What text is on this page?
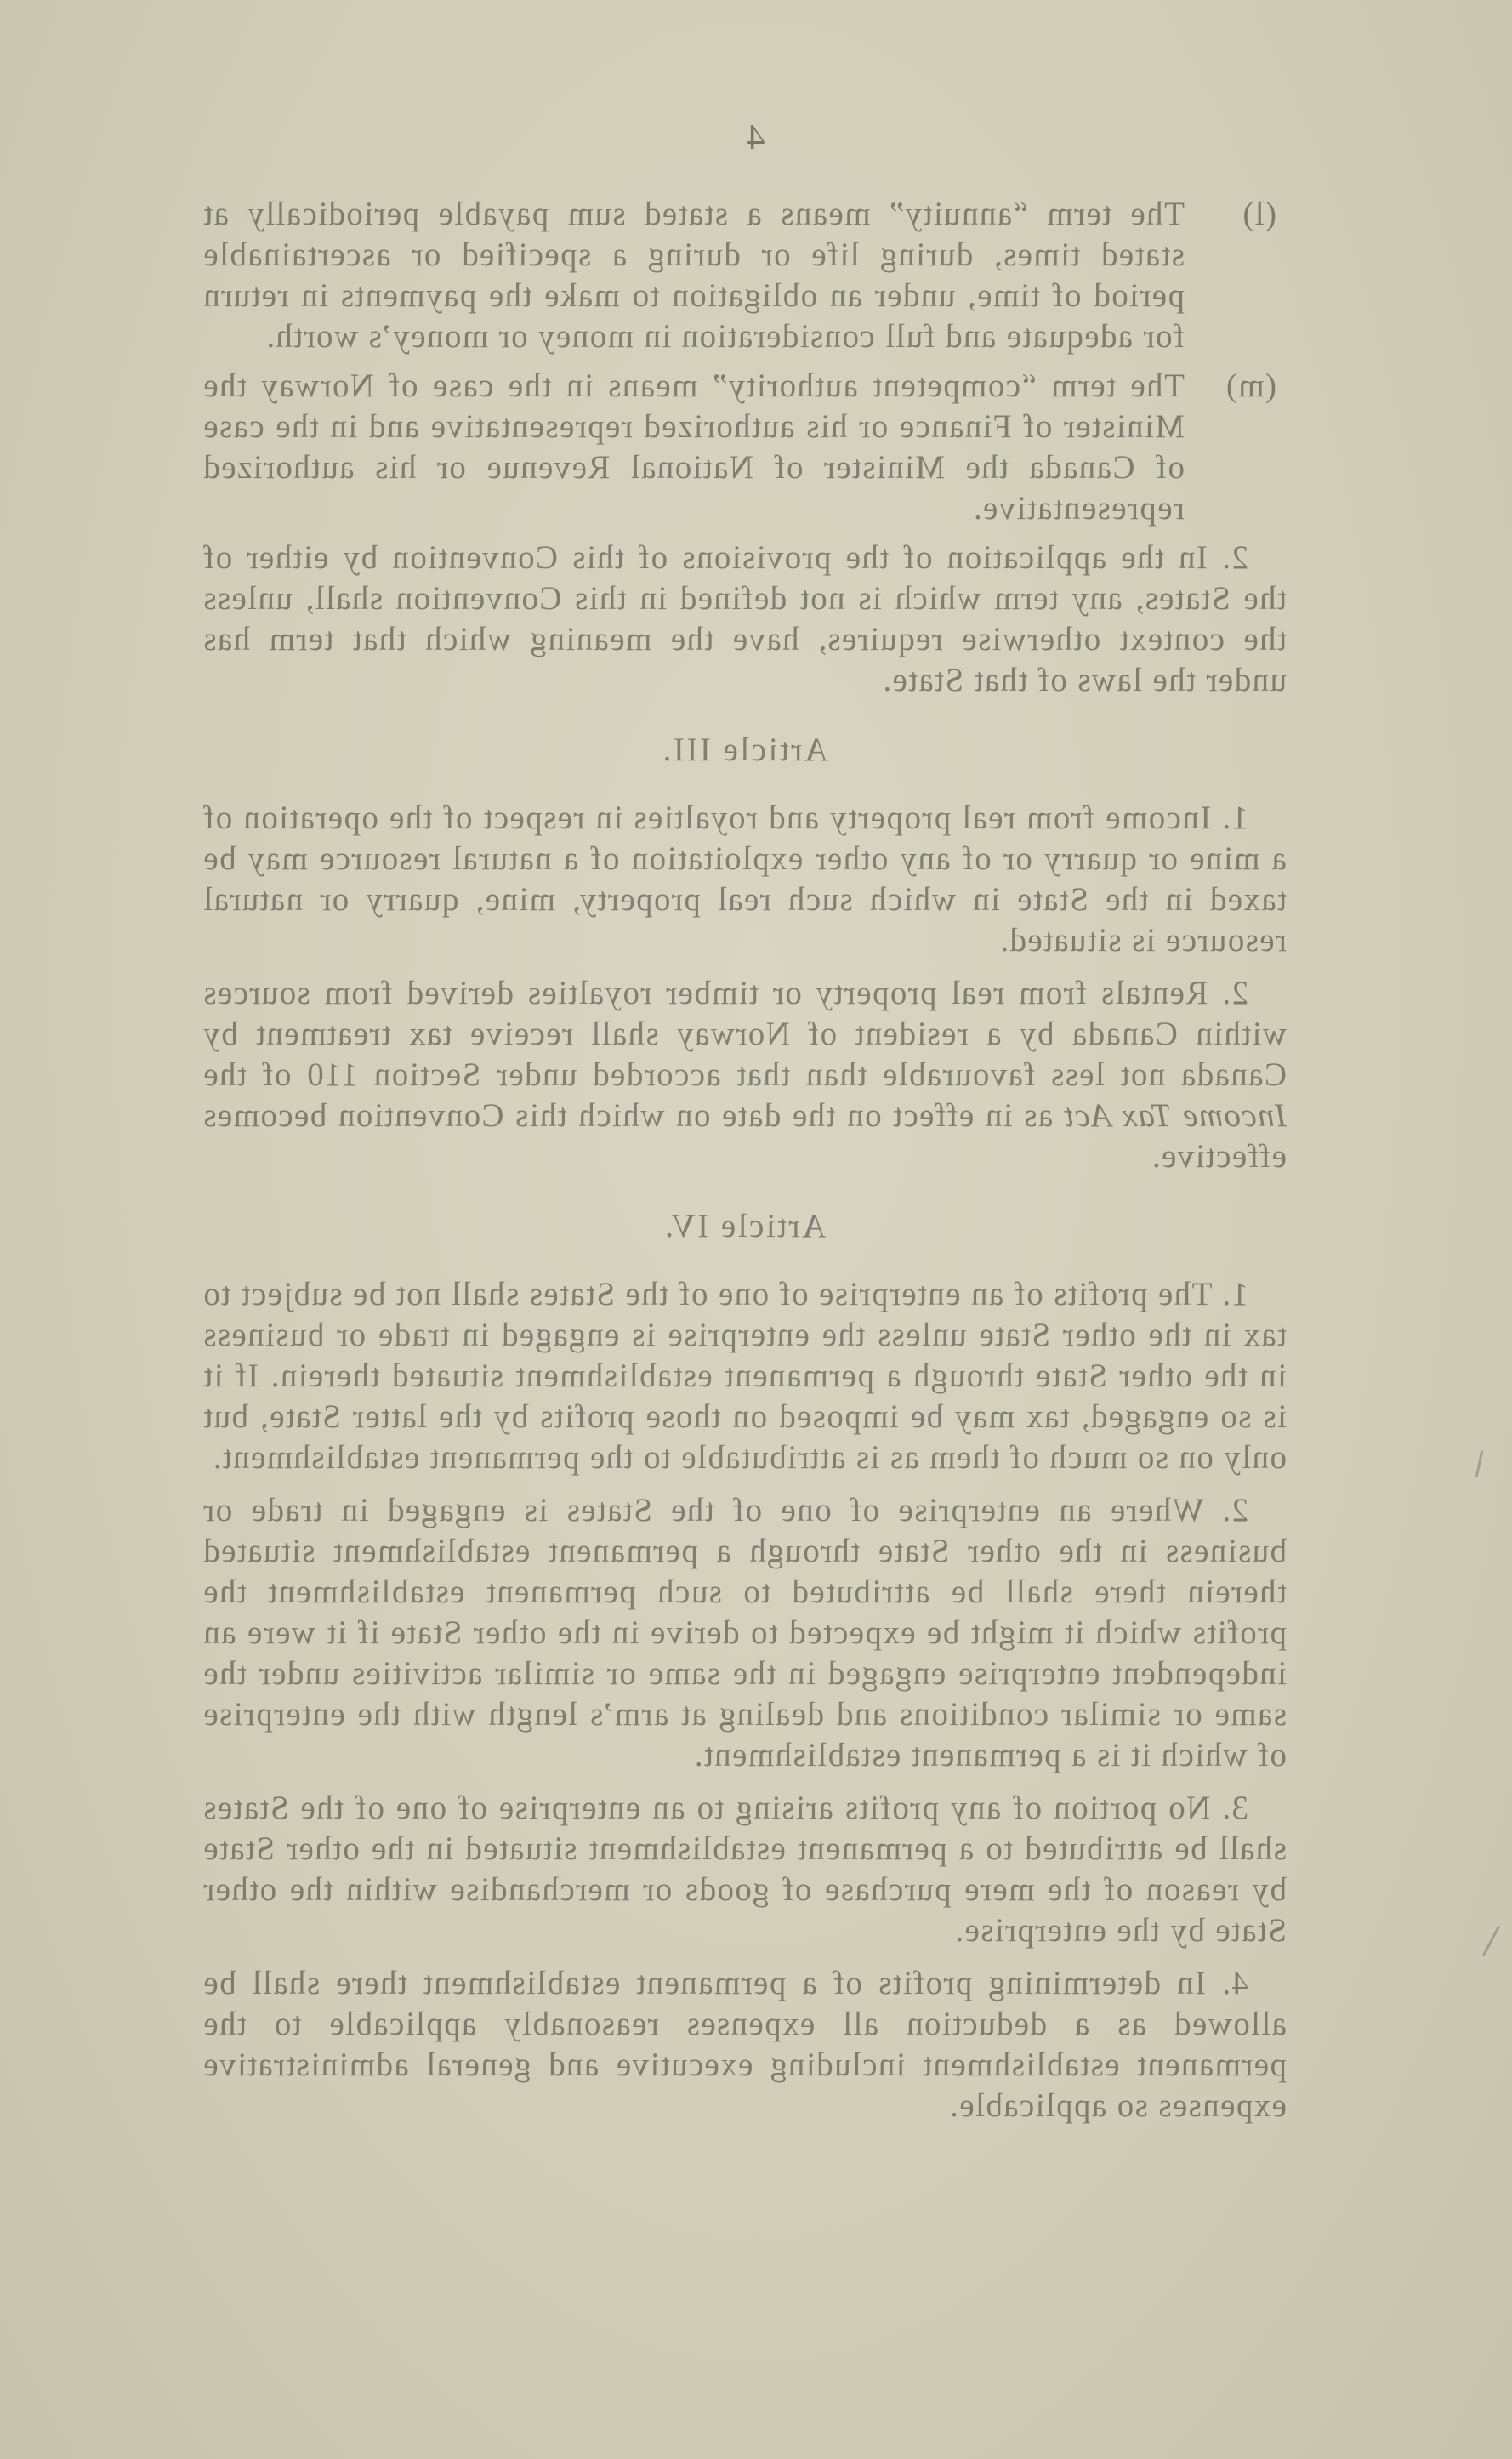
4
(l)
The term “annuity” means a stated sum payable periodically at stated times, during life or during a specified or ascertainable period of time, under an obligation to make the payments in return for adequate and full consideration in money or money’s worth.
(m)
The term “competent authority” means in the case of Norway the Minister of Finance or his authorized representative and in the case of Canada the Minister of National Revenue or his authorized representative.

2. In the application of the provisions of this Convention by either of the States, any term which is not defined in this Convention shall, unless the context otherwise requires, have the meaning which that term has under the laws of that State.

Article III.

1. Income from real property and royalties in respect of the operation of a mine or quarry or of any other exploitation of a natural resource may be taxed in the State in which such real property, mine, quarry or natural resource is situated.

2. Rentals from real property or timber royalties derived from sources within Canada by a resident of Norway shall receive tax treatment by Canada not less favourable than that accorded under Section 110 of the Income Tax Act as in effect on the date on which this Convention becomes effective.

Article IV.

1. The profits of an enterprise of one of the States shall not be subject to tax in the other State unless the enterprise is engaged in trade or business in the other State through a permanent establishment situated therein. If it is so engaged, tax may be imposed on those profits by the latter State, but only on so much of them as is attributable to the permanent establishment.

2. Where an enterprise of one of the States is engaged in trade or business in the other State through a permanent establishment situated therein there shall be attributed to such permanent establishment the profits which it might be expected to derive in the other State if it were an independent enterprise engaged in the same or similar activities under the same or similar conditions and dealing at arm’s length with the enterprise of which it is a permanent establishment.

3. No portion of any profits arising to an enterprise of one of the States shall be attributed to a permanent establishment situated in the other State by reason of the mere purchase of goods or merchandise within the other State by the enterprise.

4. In determining profits of a permanent establishment there shall be allowed as a deduction all expenses reasonably applicable to the permanent establishment including executive and general administrative expenses so applicable.
